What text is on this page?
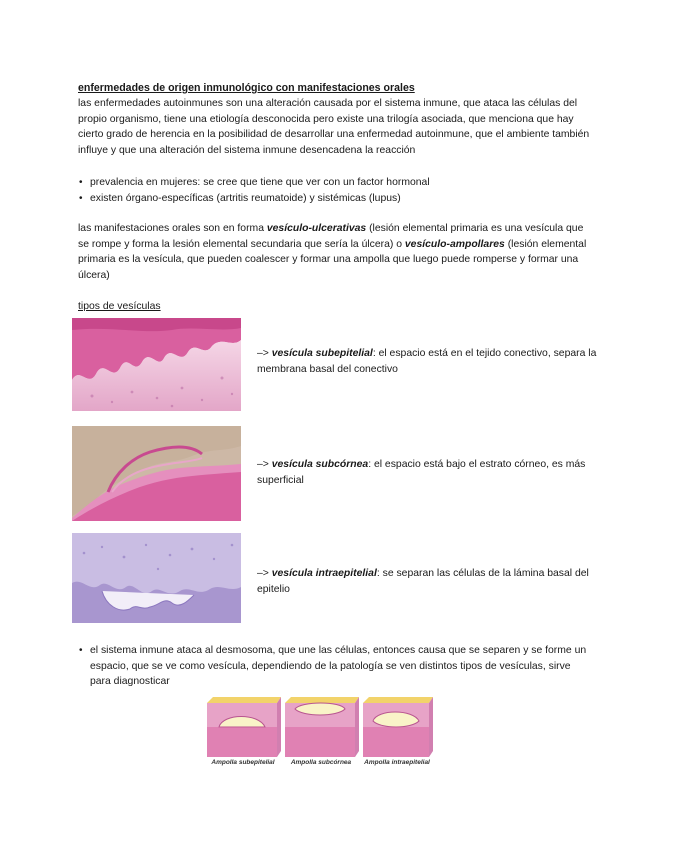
enfermedades de origen inmunológico con manifestaciones orales
las enfermedades autoinmunes son una alteración causada por el sistema inmune, que ataca las células del propio organismo, tiene una etiología desconocida pero existe una trilogía asociada, que menciona que hay cierto grado de herencia en la posibilidad de desarrollar una enfermedad autoinmune, que el ambiente también influye y que una alteración del sistema inmune desencadena la reacción
• prevalencia en mujeres: se cree que tiene que ver con un factor hormonal
• existen órgano-específicas (artritis reumatoide) y sistémicas (lupus)
las manifestaciones orales son en forma vesículo-ulcerativas (lesión elemental primaria es una vesícula que se rompe y forma la lesión elemental secundaria que sería la úlcera) o vesículo-ampollares (lesión elemental primaria es la vesícula, que pueden coalescer y formar una ampolla que luego puede romperse y formar una úlcera)
tipos de vesículas
–> vesícula subepitelial: el espacio está en el tejido conectivo, separa la membrana basal del conectivo
–> vesícula subcórnea: el espacio está bajo el estrato córneo, es más superficial
–> vesícula intraepitelial: se separan las células de la lámina basal del epitelio
• el sistema inmune ataca al desmosoma, que une las células, entonces causa que se separen y se forme un espacio, que se ve como vesícula, dependiendo de la patología se ven distintos tipos de vesículas, sirve para diagnosticar
Ampolla subepitelial	Ampolla subcórnea	Ampolla intraepitelial
